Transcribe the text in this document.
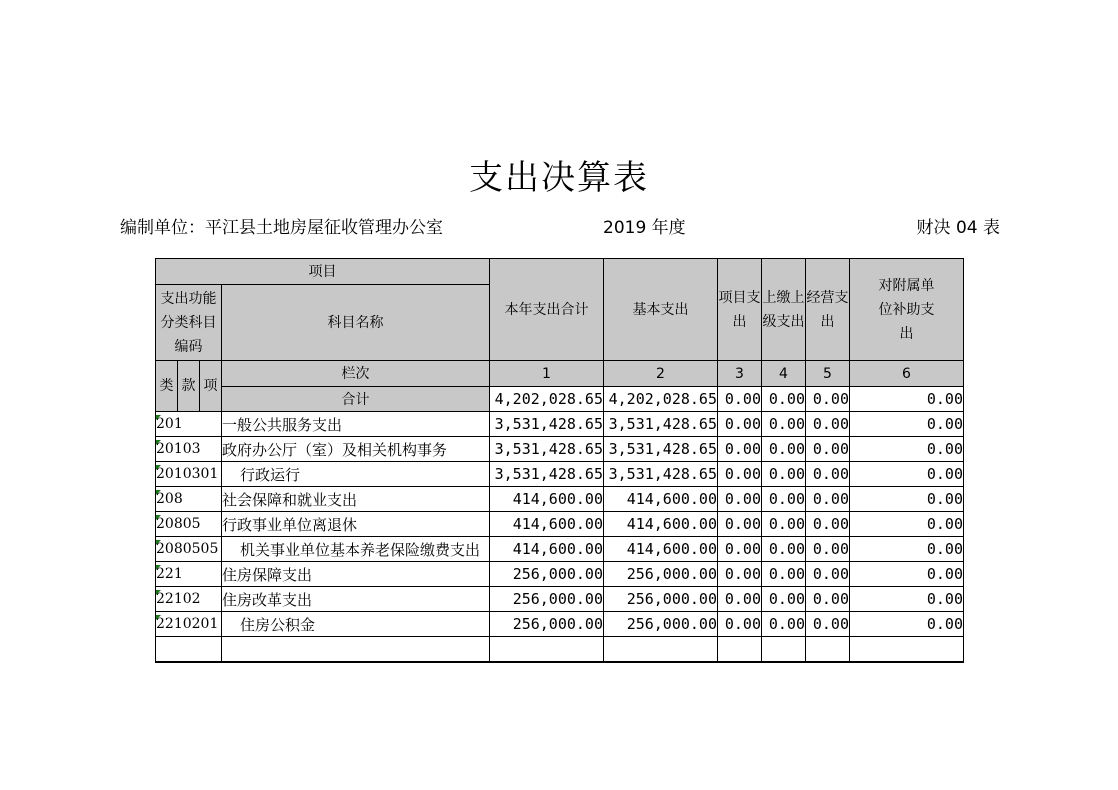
支出决算表
编制单位：平江县土地房屋征收管理办公室	2019 年度	财决 04 表
项目				本年支出合计	基本支出	项目支出	上缴上级支出	经营支出	对附属单位补助支出
支出功能分类科目编码			科目名称						
类	款	项	栏次	1	2	3	4	5	6
			合计	4,202,028.65	4,202,028.65	0.00	0.00	0.00	0.00
201			一般公共服务支出	3,531,428.65	3,531,428.65	0.00	0.00	0.00	0.00
20103			政府办公厅（室）及相关机构事务	3,531,428.65	3,531,428.65	0.00	0.00	0.00	0.00
2010301			行政运行	3,531,428.65	3,531,428.65	0.00	0.00	0.00	0.00
208			社会保障和就业支出	414,600.00	414,600.00	0.00	0.00	0.00	0.00
20805			行政事业单位离退休	414,600.00	414,600.00	0.00	0.00	0.00	0.00
2080505			机关事业单位基本养老保险缴费支出	414,600.00	414,600.00	0.00	0.00	0.00	0.00
221			住房保障支出	256,000.00	256,000.00	0.00	0.00	0.00	0.00
22102			住房改革支出	256,000.00	256,000.00	0.00	0.00	0.00	0.00
2210201			住房公积金	256,000.00	256,000.00	0.00	0.00	0.00	0.00
